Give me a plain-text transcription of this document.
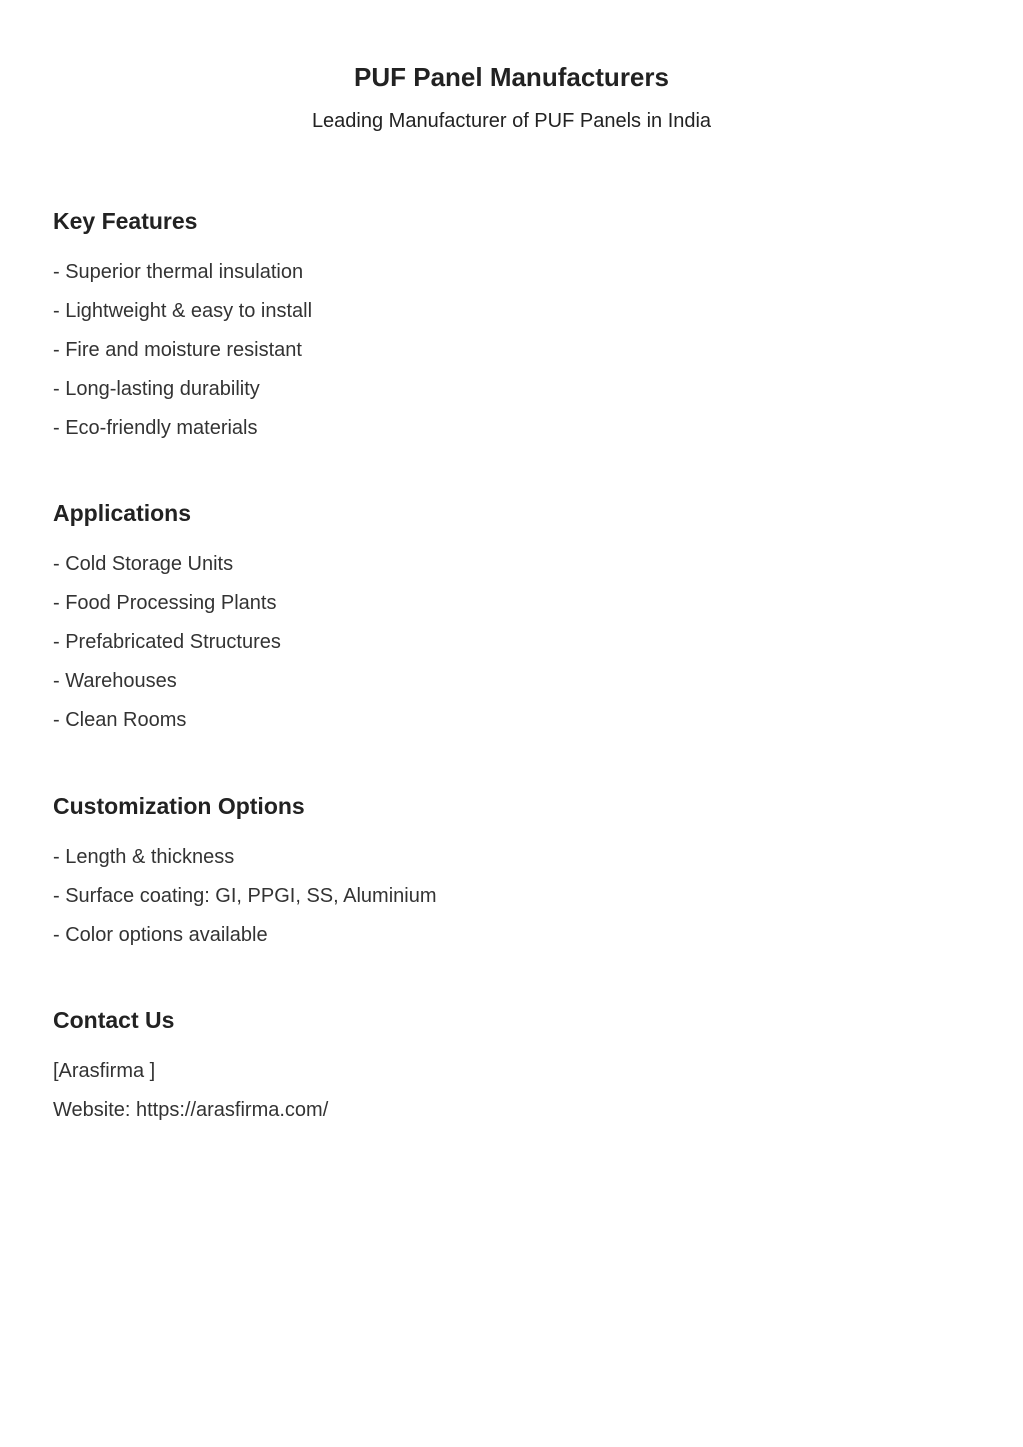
PUF Panel Manufacturers
Leading Manufacturer of PUF Panels in India
Key Features
- Superior thermal insulation
- Lightweight & easy to install
- Fire and moisture resistant
- Long-lasting durability
- Eco-friendly materials
Applications
- Cold Storage Units
- Food Processing Plants
- Prefabricated Structures
- Warehouses
- Clean Rooms
Customization Options
- Length & thickness
- Surface coating: GI, PPGI, SS, Aluminium
- Color options available
Contact Us
[Arasfirma ]
Website: https://arasfirma.com/
